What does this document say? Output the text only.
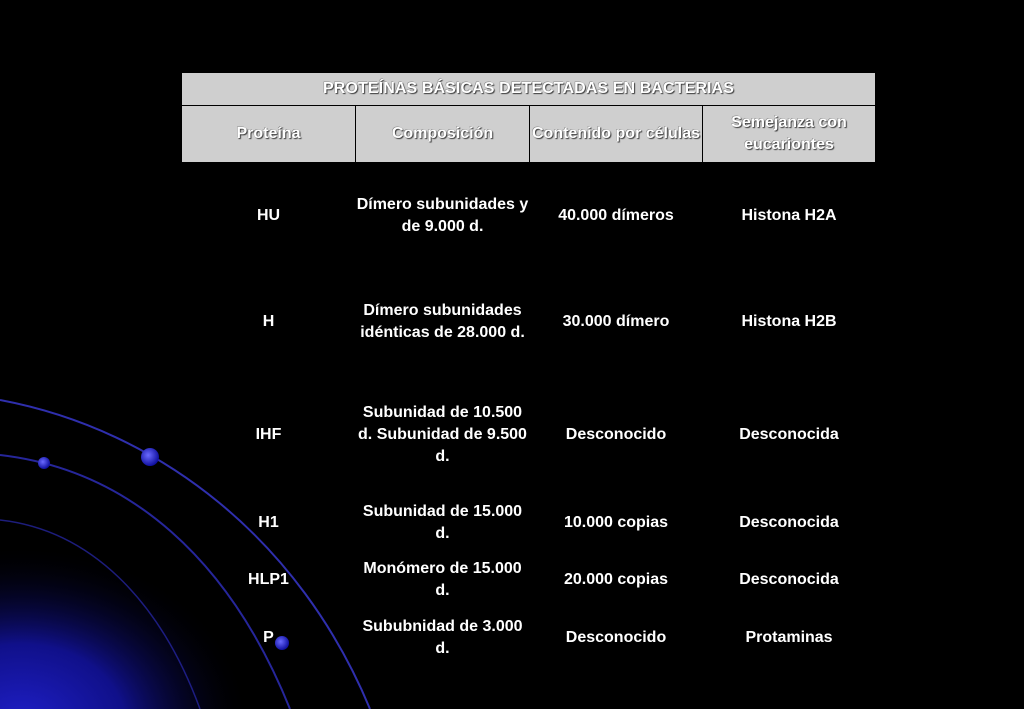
PROTEÍNAS BÁSICAS DETECTADAS EN BACTERIAS			
Proteína	Composición	Contenido por células	Semejanza con eucariontes
HU	Dímero subunidades y de 9.000 d.	40.000 dímeros	Histona H2A
H	Dímero subunidades idénticas de 28.000 d.	30.000 dímero	Histona H2B
IHF	Subunidad de 10.500 d. Subunidad de 9.500 d.	Desconocido	Desconocida
H1	Subunidad de 15.000 d.	10.000 copias	Desconocida
HLP1	Monómero de 15.000 d.	20.000 copias	Desconocida
P	Sububnidad de 3.000 d.	Desconocido	Protaminas
